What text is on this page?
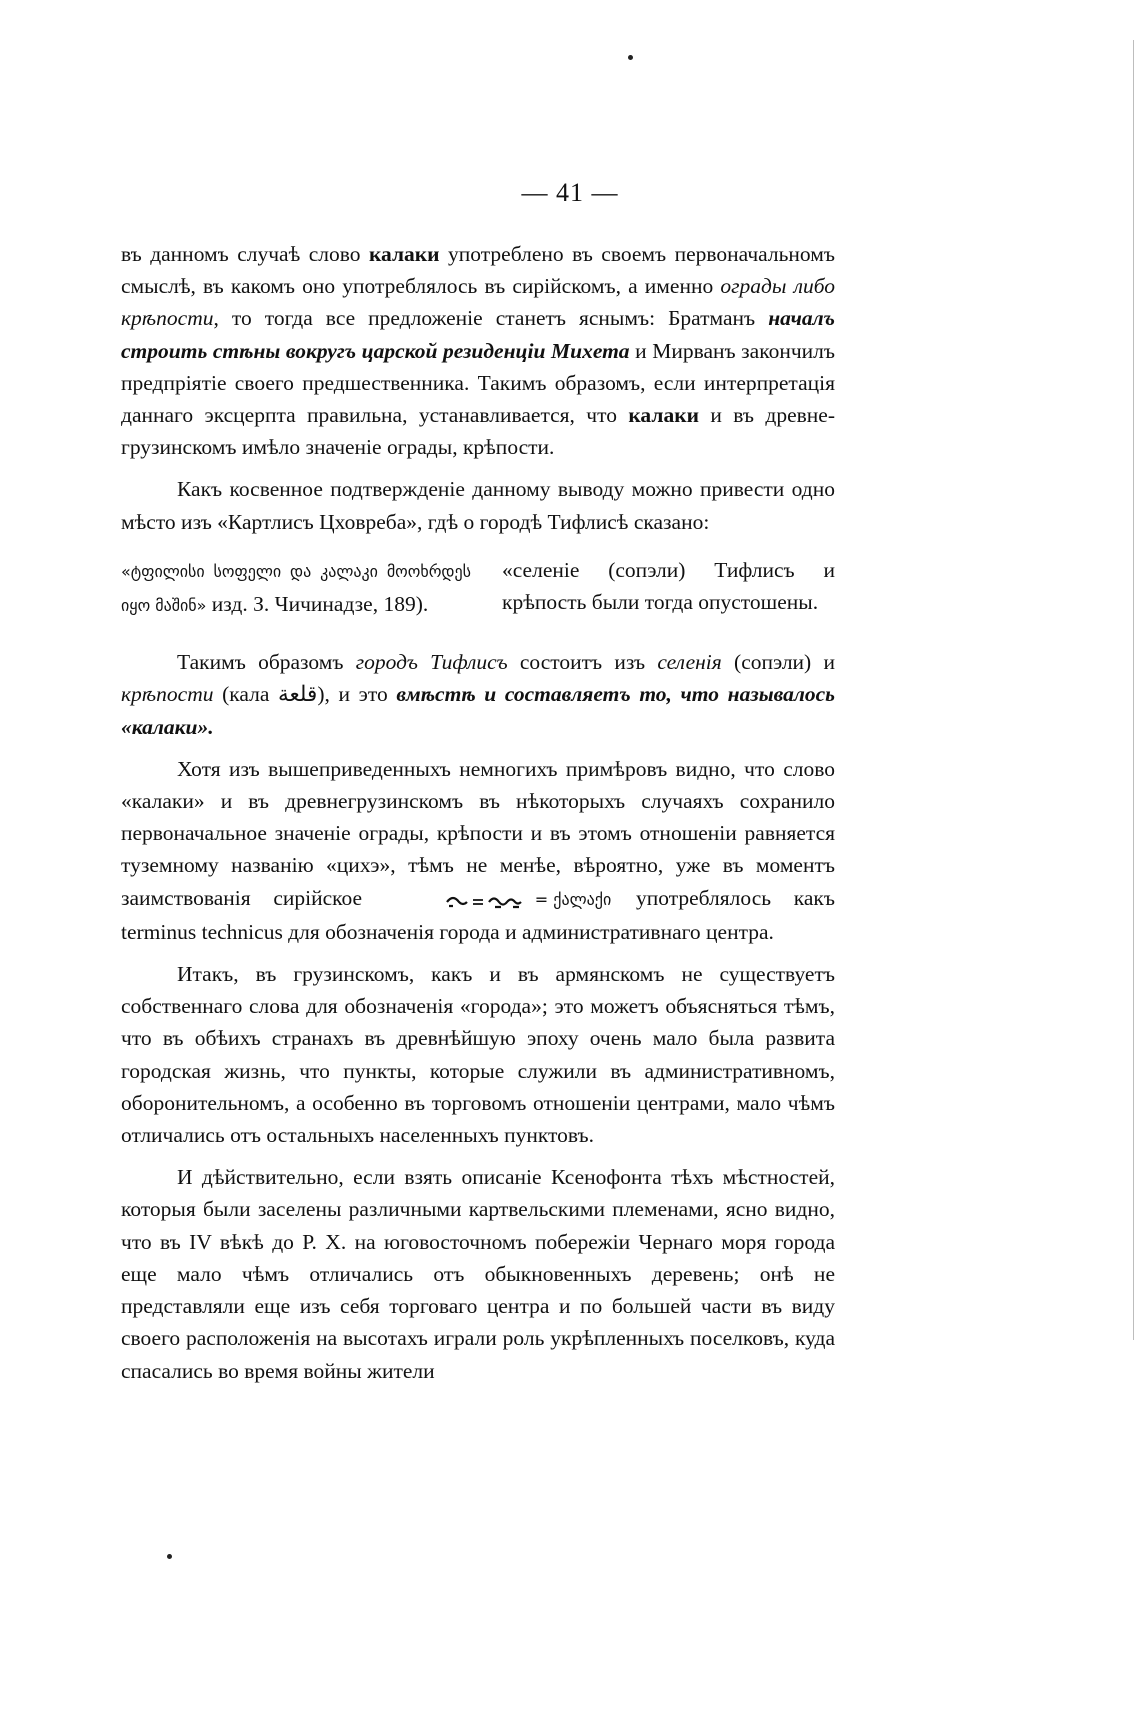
— 41 —

въ данномъ случаѣ слово калаки употреблено въ своемъ первоначальномъ смыслѣ, въ какомъ оно употреблялось въ сирійскомъ, а именно ограды либо крѣпости, то тогда все предложеніе станетъ яснымъ: Братманъ началъ строить стѣны вокругъ царской резиденціи Михета и Мирванъ закончилъ предпріятіе своего предшественника. Такимъ образомъ, если интерпретація даннаго эксцерпта правильна, устанавливается, что калаки и въ древне-грузинскомъ имѣло значеніе ограды, крѣпости.

Какъ косвенное подтвержденіе данному выводу можно привести одно мѣсто изъ «Картлисъ Цховреба», гдѣ о городѣ Тифлисѣ сказано:

«ტფილისი სოფელი და კალაკი მოოხრდეს იყო მაშინ» изд. З. Чичинадзе, 189).
«селеніе (сопэли) Тифлисъ и крѣпость были тогда опустошены.

Такимъ образомъ городъ Тифлисъ состоитъ изъ селенія (сопэли) и крѣпости (кала قلعة), и это вмѣстѣ и составляетъ то, что называлось «калаки».

Хотя изъ вышеприведенныхъ немногихъ примѣровъ видно, что слово «калаки» и въ древнегрузинскомъ въ нѣкоторыхъ случаяхъ сохранило первоначальное значеніе ограды, крѣпости и въ этомъ отношеніи равняется туземному названію «цихэ», тѣмъ не менѣе, вѣроятно, уже въ моментъ заимствованія сирійское	= ქალაქი употреблялось какъ terminus technicus для обозначенія города и административнаго центра.

Итакъ, въ грузинскомъ, какъ и въ армянскомъ не существуетъ собственнаго слова для обозначенія «города»; это можетъ объясняться тѣмъ, что въ обѣихъ странахъ въ древнѣйшую эпоху очень мало была развита городская жизнь, что пункты, которые служили въ административномъ, оборонительномъ, а особенно въ торговомъ отношеніи центрами, мало чѣмъ отличались отъ остальныхъ населенныхъ пунктовъ.

И дѣйствительно, если взять описаніе Ксенофонта тѣхъ мѣстностей, которыя были заселены различными картвельскими племенами, ясно видно, что въ IV вѣкѣ до Р. Х. на юговосточномъ побережіи Чернаго моря города еще мало чѣмъ отличались отъ обыкновенныхъ деревень; онѣ не представляли еще изъ себя торговаго центра и по большей части въ виду своего расположенія на высотахъ играли роль укрѣпленныхъ поселковъ, куда спасались во время войны жители
